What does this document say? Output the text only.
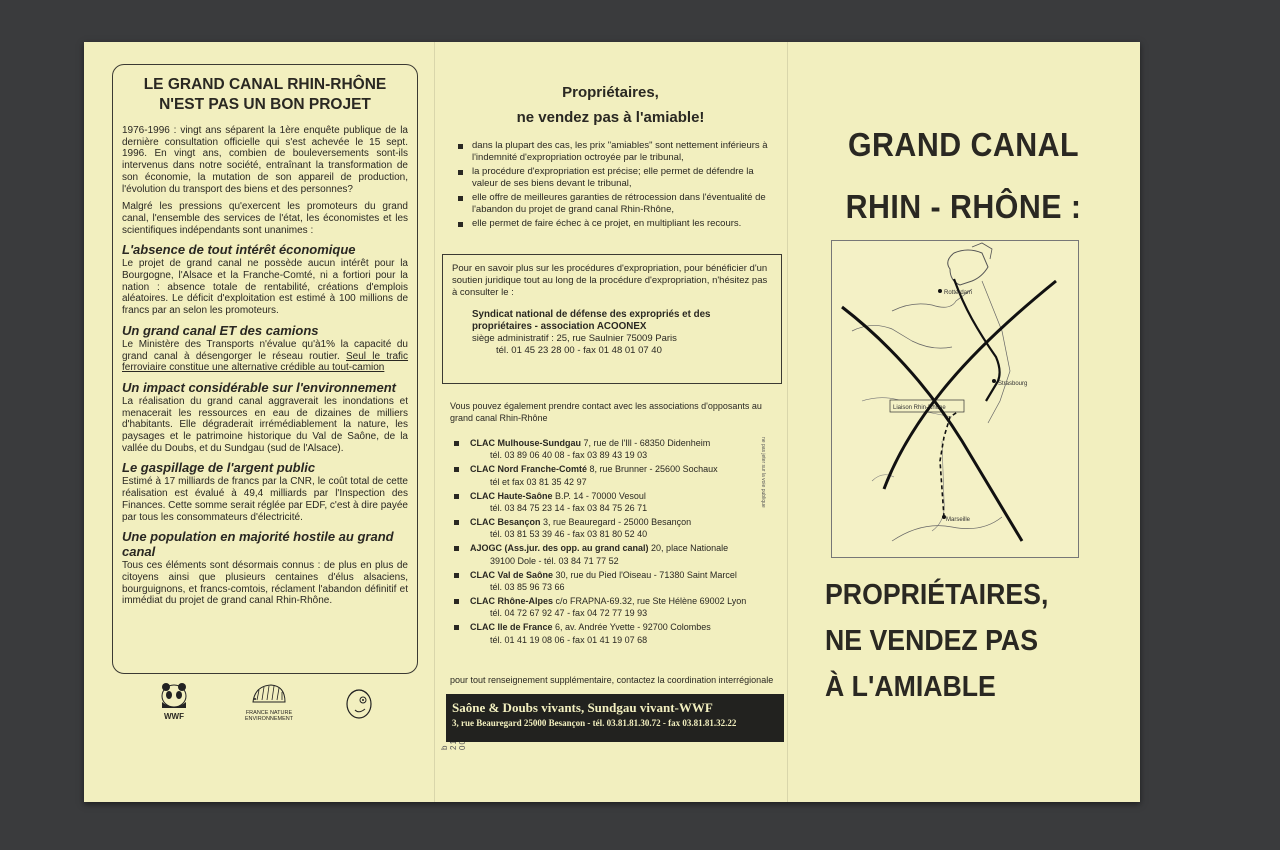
LE GRAND CANAL RHIN-RHÔNE
N'EST PAS UN BON PROJET

1976-1996 : vingt ans séparent la 1ère enquête publique de la dernière consultation officielle qui s'est achevée le 15 sept. 1996. En vingt ans, combien de bouleversements sont-ils intervenus dans notre société, entraînant la transformation de son économie, la mutation de son appareil de production, l'évolution du transport des biens et des personnes?

Malgré les pressions qu'exercent les promoteurs du grand canal, l'ensemble des services de l'état, les économistes et les scientifiques indépendants sont unanimes :

L'absence de tout intérêt économique

Le projet de grand canal ne possède aucun intérêt pour la Bourgogne, l'Alsace et la Franche-Comté, ni a fortiori pour la nation : absence totale de rentabilité, créations d'emplois aléatoires. Le déficit d'exploitation est estimé à 100 millions de francs par an selon les promoteurs.

Un grand canal ET des camions

Le Ministère des Transports n'évalue qu'à1% la capacité du grand canal à désengorger le réseau routier. Seul le trafic ferroviaire constitue une alternative crédible au tout-camion

Un impact considérable sur l'environnement

La réalisation du grand canal aggraverait les inondations et menacerait les ressources en eau de dizaines de milliers d'habitants. Elle dégraderait irrémédiablement la nature, les paysages et le patrimoine historique du Val de Saône, de la vallée du Doubs, et du Sundgau (sud de l'Alsace).

Le gaspillage de l'argent public

Estimé à 17 milliards de francs par la CNR, le coût total de cette réalisation est évalué à 49,4 milliards par l'Inspection des Finances. Cette somme serait réglée par EDF, c'est à dire payée par tous les consommateurs d'électricité.

Une population en majorité hostile au grand canal

Tous ces éléments sont désormais connus : de plus en plus de citoyens ainsi que plusieurs centaines d'élus alsaciens, bourguignons, et francs-comtois, réclament l'abandon définitif et immédiat du projet de grand canal Rhin-Rhône.

WWF	FRANCE NATURE ENVIRONNEMENT
b
Propriétaires,
ne vendez pas à l'amiable!
dans la plupart des cas, les prix "amiables" sont nettement inférieurs à l'indemnité d'expropriation octroyée par le tribunal,
la procédure d'expropriation est précise; elle permet de défendre la valeur de ses biens devant le tribunal,
elle offre de meilleures garanties de rétrocession dans l'éventualité de l'abandon du projet de grand canal Rhin-Rhône,
elle permet de faire échec à ce projet, en multipliant les recours.

Pour en savoir plus sur les procédures d'expropriation, pour bénéficier d'un soutien juridique tout au long de la procédure d'expropriation, n'hésitez pas à consulter le :

Syndicat national de défense des expropriés et des propriétaires - association ACOONEX
siège administratif : 25, rue Saulnier 75009 Paris
tél. 01 45 23 28 00 - fax 01 48 01 07 40

Vous pouvez également prendre contact avec les associations d'opposants au grand canal Rhin-Rhône
CLAC Mulhouse-Sundgau 7, rue de l'Ill - 68350 Didenheim
tél. 03 89 06 40 08 - fax 03 89 43 19 03
CLAC Nord Franche-Comté 8, rue Brunner - 25600 Sochaux
tél et fax 03 81 35 42 97
CLAC Haute-Saône B.P. 14 - 70000 Vesoul
tél. 03 84 75 23 14 - fax 03 84 75 26 71
CLAC Besançon 3, rue Beauregard - 25000 Besançon
tél. 03 81 53 39 46 - fax 03 81 80 52 40
AJOGC (Ass.jur. des opp. au grand canal) 20, place Nationale
39100 Dole - tél. 03 84 71 77 52
CLAC Val de Saône 30, rue du Pied l'Oiseau - 71380 Saint Marcel
tél. 03 85 96 73 66
CLAC Rhône-Alpes c/o FRAPNA-69.32, rue Ste Hélène 69002 Lyon
tél. 04 72 67 92 47 - fax 04 72 77 19 93
CLAC Ile de France 6, av. Andrée Yvette - 92700 Colombes
tél. 01 41 19 08 06 - fax 01 41 19 07 68
ne pas jeter sur la voie publique
pour tout renseignement supplémentaire, contactez la coordination interrégionale
Saône & Doubs vivants, Sundgau vivant-WWF
3, rue Beauregard 25000 Besançon - tél. 03.81.81.30.72 - fax 03.81.81.32.22
GRAND CANAL
RHIN - RHÔNE :
Rotterdam
Strasbourg
Liaison Rhin-Rhône
Marseille
PROPRIÉTAIRES,
NE VENDEZ PAS
À L'AMIABLE
